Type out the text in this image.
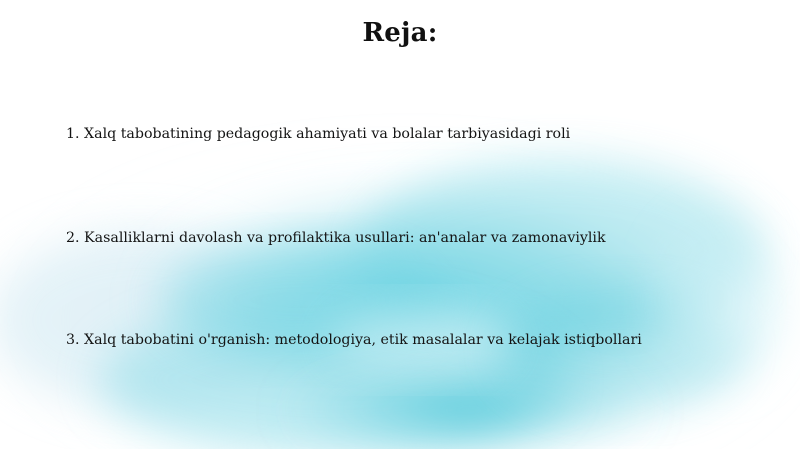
Reja:
1. Xalq tabobatining pedagogik ahamiyati va bolalar tarbiyasidagi roli
2. Kasalliklarni davolash va profilaktika usullari: an'analar va zamonaviylik
3. Xalq tabobatini o'rganish: metodologiya, etik masalalar va kelajak istiqbollari
